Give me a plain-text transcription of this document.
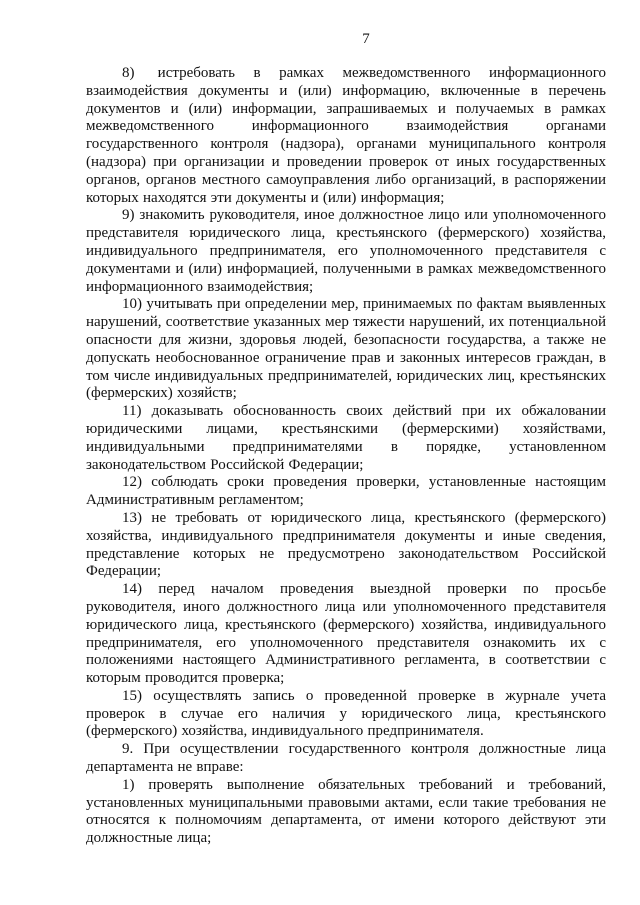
7

8)     истребовать    в    рамках    межведомственного    информационного взаимодействия документы и (или) информацию, включенные в перечень документов и (или) информации, запрашиваемых и получаемых в рамках межведомственного информационного взаимодействия органами государственного контроля (надзора), органами муниципального контроля (надзора) при организации и проведении проверок от иных государственных органов, органов местного самоуправления либо организаций, в распоряжении которых находятся эти документы и (или) информация;

9) знакомить руководителя, иное должностное лицо или уполномоченного представителя юридического лица, крестьянского (фермерского) хозяйства, индивидуального предпринимателя, его уполномоченного представителя с документами и (или) информацией, полученными в рамках межведомственного информационного взаимодействия;

10) учитывать при определении мер, принимаемых по фактам выявленных нарушений, соответствие указанных мер тяжести нарушений, их потенциальной опасности для жизни, здоровья людей, безопасности государства, а также не допускать необоснованное ограничение прав и законных интересов граждан, в том числе индивидуальных предпринимателей, юридических лиц, крестьянских (фермерских) хозяйств;

11) доказывать обоснованность своих действий при их обжаловании юридическими лицами, крестьянскими (фермерскими) хозяйствами, индивидуальными предпринимателями в порядке, установленном законодательством Российской Федерации;

12) соблюдать сроки проведения проверки, установленные настоящим Административным регламентом;

13) не требовать от юридического лица, крестьянского (фермерского) хозяйства, индивидуального предпринимателя документы и иные сведения, представление которых не предусмотрено законодательством Российской Федерации;

14) перед началом проведения выездной проверки по просьбе руководителя, иного должностного лица или уполномоченного представителя юридического лица, крестьянского (фермерского) хозяйства, индивидуального предпринимателя, его уполномоченного представителя ознакомить их с положениями настоящего Административного регламента, в соответствии с которым проводится проверка;

15) осуществлять запись о проведенной проверке в журнале учета проверок в случае его наличия у юридического лица, крестьянского (фермерского) хозяйства, индивидуального предпринимателя.

9. При осуществлении государственного контроля должностные лица департамента не вправе:

1) проверять выполнение обязательных требований и требований, установленных муниципальными правовыми актами, если такие требования не относятся к полномочиям департамента, от имени которого действуют эти должностные лица;
